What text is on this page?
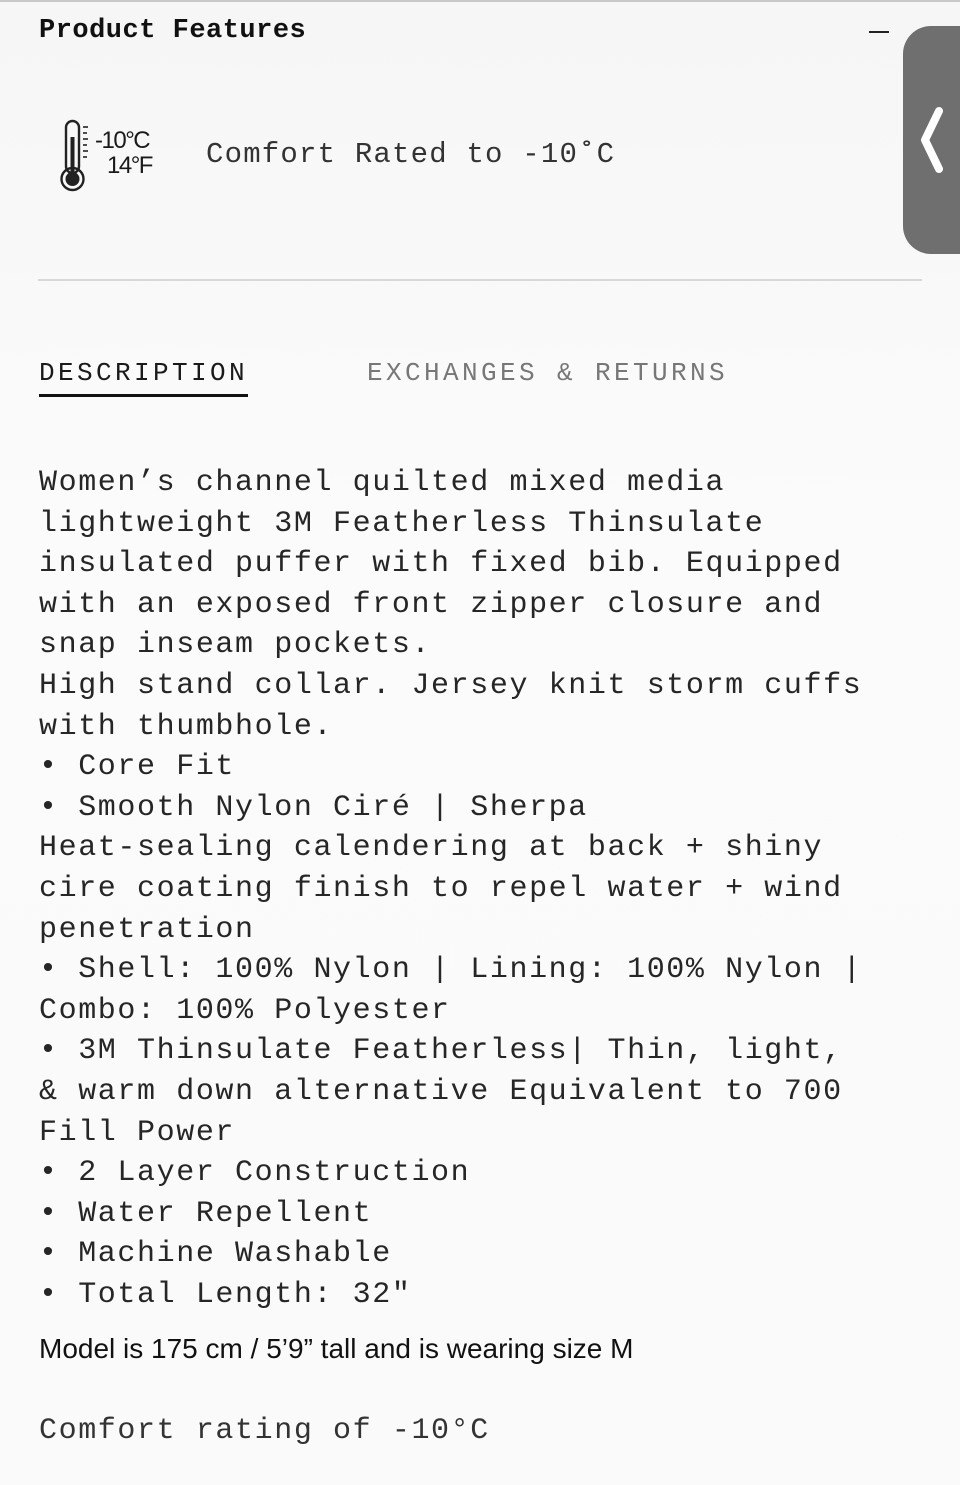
Product Features
-10°C
14°F Comfort Rated to -10˚C
DESCRIPTION	EXCHANGES & RETURNS
Women’s channel quilted mixed media
lightweight 3M Featherless Thinsulate
insulated puffer with fixed bib. Equipped
with an exposed front zipper closure and
snap inseam pockets.
High stand collar. Jersey knit storm cuffs
with thumbhole.
• Core Fit
• Smooth Nylon Ciré | Sherpa
Heat-sealing calendering at back + shiny
cire coating finish to repel water + wind
penetration
• Shell: 100% Nylon | Lining: 100% Nylon |
Combo: 100% Polyester
• 3M Thinsulate Featherless| Thin, light,
& warm down alternative Equivalent to 700
Fill Power
• 2 Layer Construction
• Water Repellent
• Machine Washable
• Total Length: 32"

Model is 175 cm / 5’9” tall and is wearing size M

Comfort rating of -10°C
